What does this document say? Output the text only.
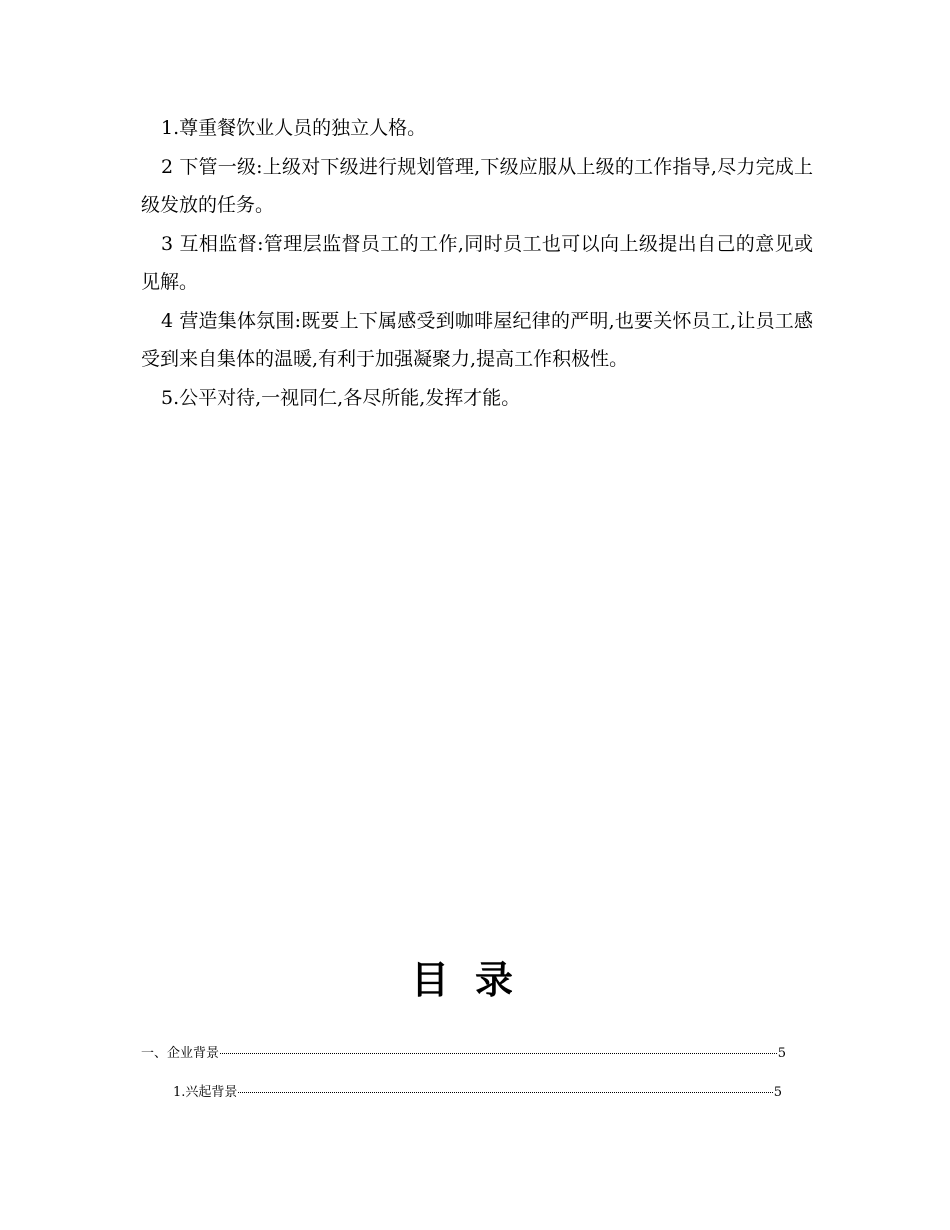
1.尊重餐饮业人员的独立人格。

2 下管一级:上级对下级进行规划管理,下级应服从上级的工作指导,尽力完成上级发放的任务。

3 互相监督:管理层监督员工的工作,同时员工也可以向上级提出自己的意见或见解。

4 营造集体氛围:既要上下属感受到咖啡屋纪律的严明,也要关怀员工,让员工感受到来自集体的温暖,有利于加强凝聚力,提高工作积极性。

5.公平对待,一视同仁,各尽所能,发挥才能。

目录
一、企业背景	5
1.兴起背景	5
